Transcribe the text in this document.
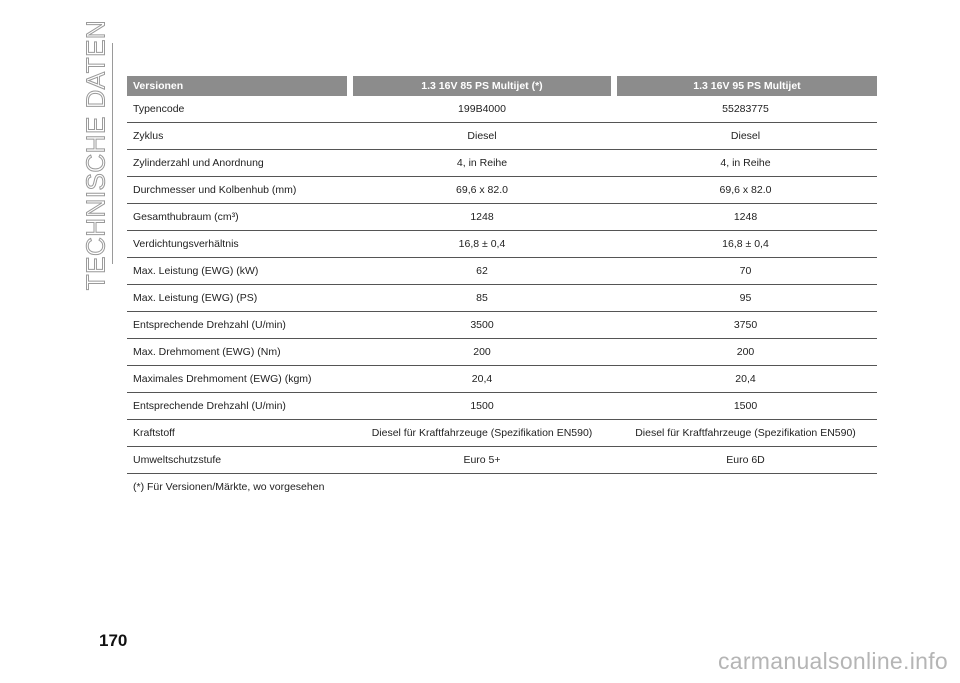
TECHNISCHE DATEN Versionen	1.3 16V 85 PS Multijet (*)	1.3 16V 95 PS Multijet
Typencode	199B4000	55283775
Zyklus	Diesel	Diesel
Zylinderzahl und Anordnung	4, in Reihe	4, in Reihe
Durchmesser und Kolbenhub (mm)	69,6 x 82.0	69,6 x 82.0
Gesamthubraum (cm³)	1248	1248
Verdichtungsverhältnis	16,8 ± 0,4	16,8 ± 0,4
Max. Leistung (EWG) (kW)	62	70
Max. Leistung (EWG) (PS)	85	95
Entsprechende Drehzahl (U/min)	3500	3750
Max. Drehmoment (EWG) (Nm)	200	200
Maximales Drehmoment (EWG) (kgm)	20,4	20,4
Entsprechende Drehzahl (U/min)	1500	1500
Kraftstoff	Diesel für Kraftfahrzeuge (Spezifikation EN590)	Diesel für Kraftfahrzeuge (Spezifikation EN590)
Umweltschutzstufe	Euro 5+	Euro 6D
(*) Für Versionen/Märkte, wo vorgesehen
170
carmanualsonline.info
